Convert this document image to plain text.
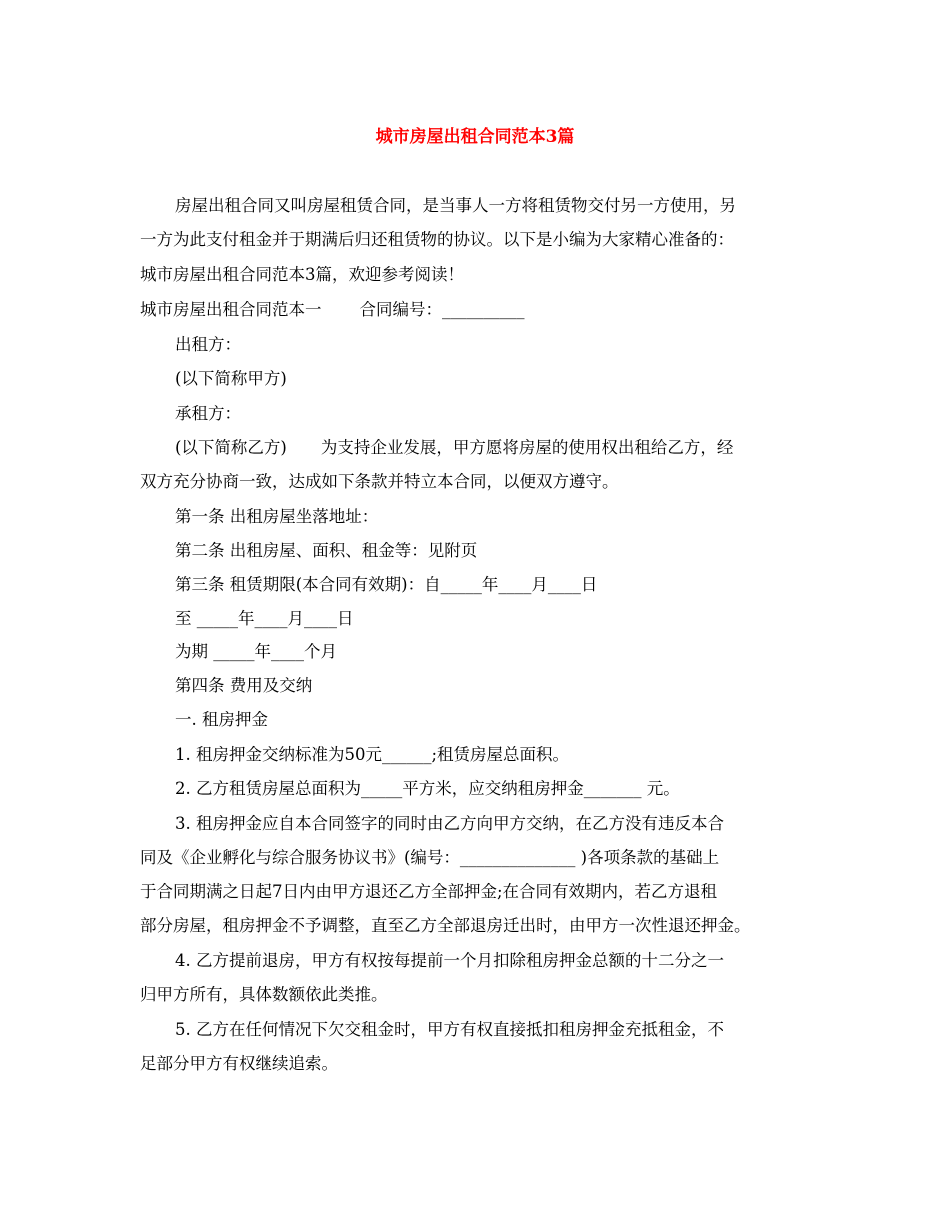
城市房屋出租合同范本3篇
房屋出租合同又叫房屋租赁合同，是当事人一方将租赁物交付另一方使用，另
一方为此支付租金并于期满后归还租赁物的协议。以下是小编为大家精心准备的：
城市房屋出租合同范本3篇，欢迎参考阅读！
城市房屋出租合同范本一 合同编号：__________
出租方：
(以下简称甲方)
承租方：
(以下简称乙方) 为支持企业发展，甲方愿将房屋的使用权出租给乙方，经
双方充分协商一致，达成如下条款并特立本合同，以便双方遵守。
第一条 出租房屋坐落地址：
第二条 出租房屋、面积、租金等：见附页
第三条 租赁期限(本合同有效期)：自_____年____月____日
至 _____年____月____日
为期 _____年____个月
第四条 费用及交纳
一. 租房押金
1. 租房押金交纳标准为50元______;租赁房屋总面积。
2. 乙方租赁房屋总面积为_____平方米，应交纳租房押金_______ 元。
3. 租房押金应自本合同签字的同时由乙方向甲方交纳，在乙方没有违反本合
同及《企业孵化与综合服务协议书》(编号：______________ )各项条款的基础上
于合同期满之日起7日内由甲方退还乙方全部押金;在合同有效期内，若乙方退租
部分房屋，租房押金不予调整，直至乙方全部退房迁出时，由甲方一次性退还押金。
4. 乙方提前退房，甲方有权按每提前一个月扣除租房押金总额的十二分之一
归甲方所有，具体数额依此类推。
5. 乙方在任何情况下欠交租金时，甲方有权直接抵扣租房押金充抵租金，不
足部分甲方有权继续追索。
